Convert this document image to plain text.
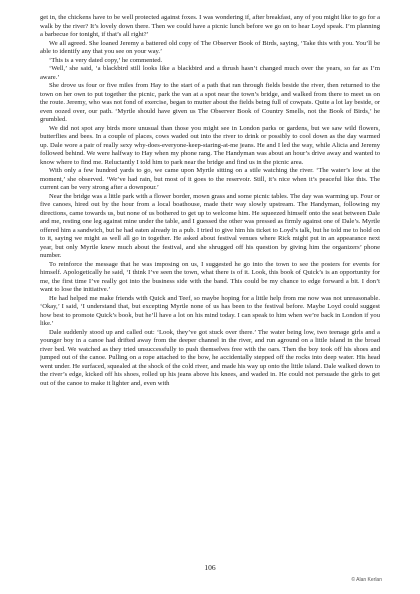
get in, the chickens have to be well protected against foxes. I was wondering if, after breakfast, any of you might like to go for a walk by the river? It’s lovely down there. Then we could have a picnic lunch before we go on to hear Loyd speak. I’m planning a barbecue for tonight, if that’s all right?’

We all agreed. She loaned Jeremy a battered old copy of The Observer Book of Birds, saying, ‘Take this with you. You’ll be able to identify any that you see on your way.’

‘This is a very dated copy,’ he commented.

‘Well,’ she said, ‘a blackbird still looks like a blackbird and a thrush hasn’t changed much over the years, so far as I’m aware.’

She drove us four or five miles from Hay to the start of a path that ran through fields beside the river, then returned to the town on her own to put together the picnic, park the van at a spot near the town’s bridge, and walked from there to meet us on the route. Jeremy, who was not fond of exercise, began to mutter about the fields being full of cowpats. Quite a lot lay beside, or even oozed over, our path. ‘Myrtle should have given us The Observer Book of Country Smells, not the Book of Birds,’ he grumbled.

We did not spot any birds more unusual than those you might see in London parks or gardens, but we saw wild flowers, butterflies and bees. In a couple of places, cows waded out into the river to drink or possibly to cool down as the day warmed up. Dale wore a pair of really sexy why-does-everyone-keep-staring-at-me jeans. He and I led the way, while Alicia and Jeremy followed behind. We were halfway to Hay when my phone rang. The Handyman was about an hour’s drive away and wanted to know where to find me. Reluctantly I told him to park near the bridge and find us in the picnic area.

With only a few hundred yards to go, we came upon Myrtle sitting on a stile watching the river. ‘The water’s low at the moment,’ she observed. ‘We’ve had rain, but most of it goes to the reservoir. Still, it’s nice when it’s peaceful like this. The current can be very strong after a downpour.’

Near the bridge was a little park with a flower border, mown grass and some picnic tables. The day was warming up. Four or five canoes, hired out by the hour from a local boathouse, made their way slowly upstream. The Handyman, following my directions, came towards us, but none of us bothered to get up to welcome him. He squeezed himself onto the seat between Dale and me, resting one leg against mine under the table, and I guessed the other was pressed as firmly against one of Dale’s. Myrtle offered him a sandwich, but he had eaten already in a pub. I tried to give him his ticket to Loyd’s talk, but he told me to hold on to it, saying we might as well all go in together. He asked about festival venues where Rick might put in an appearance next year, but only Myrtle knew much about the festival, and she shrugged off his question by giving him the organizers’ phone number.

To reinforce the message that he was imposing on us, I suggested he go into the town to see the posters for events for himself. Apologetically he said, ‘I think I’ve seen the town, what there is of it. Look, this book of Quick’s is an opportunity for me, the first time I’ve really got into the business side with the band. This could be my chance to edge forward a bit. I don’t want to lose the initiative.’

He had helped me make friends with Quick and Teef, so maybe hoping for a little help from me now was not unreasonable. ‘Okay,’ I said, ‘I understand that, but excepting Myrtle none of us has been to the festival before. Maybe Loyd could suggest how best to promote Quick’s book, but he’ll have a lot on his mind today. I can speak to him when we’re back in London if you like.’

Dale suddenly stood up and called out: ‘Look, they’ve got stuck over there.’ The water being low, two teenage girls and a younger boy in a canoe had drifted away from the deeper channel in the river, and run aground on a little island in the broad river bed. We watched as they tried unsuccessfully to push themselves free with the oars. Then the boy took off his shoes and jumped out of the canoe. Pulling on a rope attached to the bow, he accidentally stepped off the rocks into deep water. His head went under. He surfaced, squealed at the shock of the cold river, and made his way up onto the little island. Dale walked down to the river’s edge, kicked off his shoes, rolled up his jeans above his knees, and waded in. He could not persuade the girls to get out of the canoe to make it lighter and, even with

106
© Alan Kerlan
